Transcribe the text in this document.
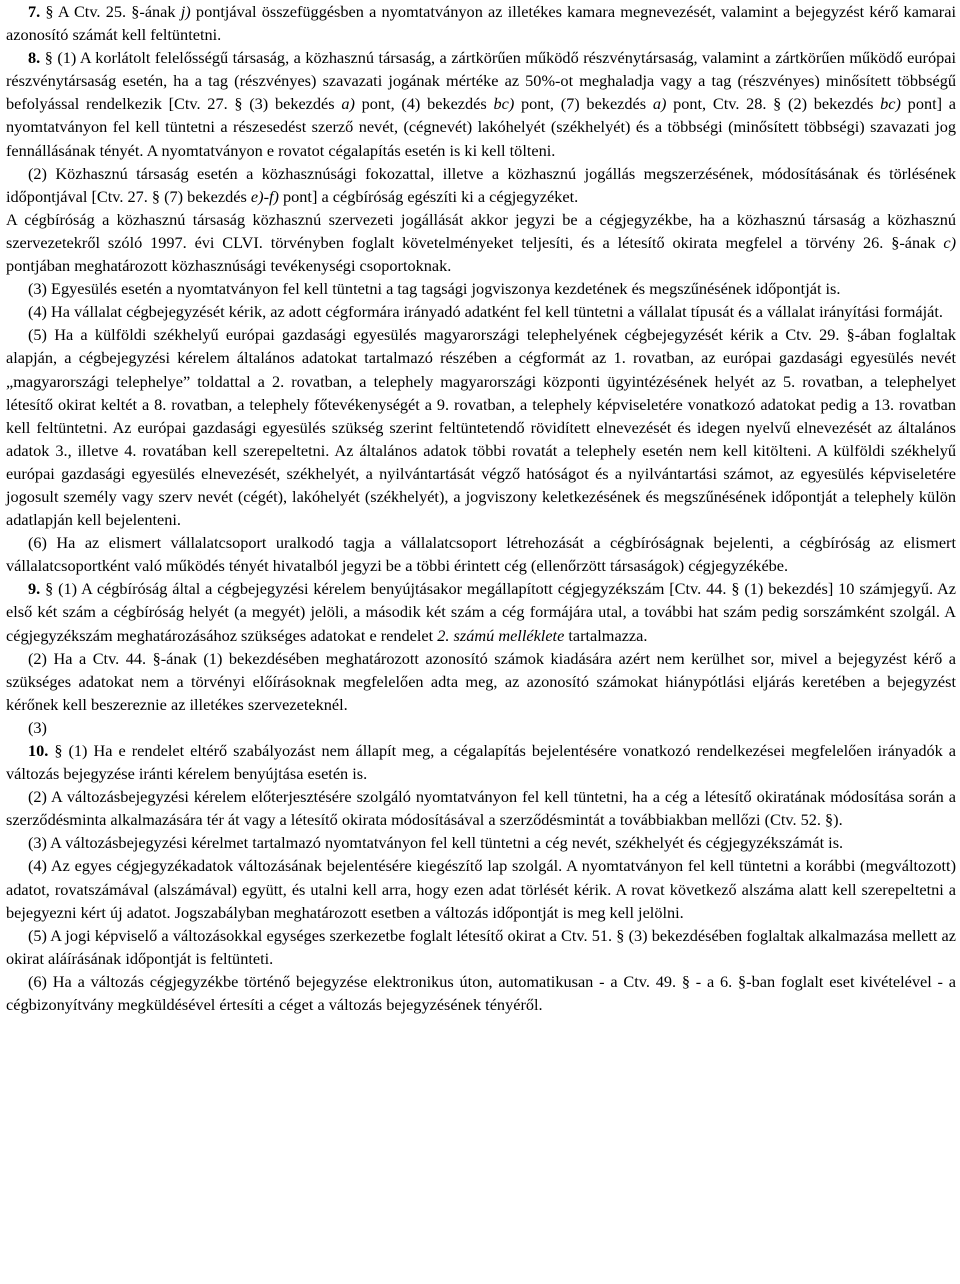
7. § A Ctv. 25. §-ának j) pontjával összefüggésben a nyomtatványon az illetékes kamara megnevezését, valamint a bejegyzést kérő kamarai azonosító számát kell feltüntetni.

8. § (1) A korlátolt felelősségű társaság, a közhasznú társaság, a zártkörűen működő részvénytársaság, valamint a zártkörűen működő európai részvénytársaság esetén, ha a tag (részvényes) szavazati jogának mértéke az 50%-ot meghaladja vagy a tag (részvényes) minősített többségű befolyással rendelkezik [Ctv. 27. § (3) bekezdés a) pont, (4) bekezdés bc) pont, (7) bekezdés a) pont, Ctv. 28. § (2) bekezdés bc) pont] a nyomtatványon fel kell tüntetni a részesedést szerző nevét, (cégnevét) lakóhelyét (székhelyét) és a többségi (minősített többségi) szavazati jog fennállásának tényét. A nyomtatványon e rovatot cégalapítás esetén is ki kell tölteni.

(2) Közhasznú társaság esetén a közhasznúsági fokozattal, illetve a közhasznú jogállás megszerzésének, módosításának és törlésének időpontjával [Ctv. 27. § (7) bekezdés e)-f) pont] a cégbíróság egészíti ki a cégjegyzéket.

A cégbíróság a közhasznú társaság közhasznú szervezeti jogállását akkor jegyzi be a cégjegyzékbe, ha a közhasznú társaság a közhasznú szervezetekről szóló 1997. évi CLVI. törvényben foglalt követelményeket teljesíti, és a létesítő okirata megfelel a törvény 26. §-ának c) pontjában meghatározott közhasznúsági tevékenységi csoportoknak.

(3) Egyesülés esetén a nyomtatványon fel kell tüntetni a tag tagsági jogviszonya kezdetének és megszűnésének időpontját is.

(4) Ha vállalat cégbejegyzését kérik, az adott cégformára irányadó adatként fel kell tüntetni a vállalat típusát és a vállalat irányítási formáját.

(5) Ha a külföldi székhelyű európai gazdasági egyesülés magyarországi telephelyének cégbejegyzését kérik a Ctv. 29. §-ában foglaltak alapján, a cégbejegyzési kérelem általános adatokat tartalmazó részében a cégformát az 1. rovatban, az európai gazdasági egyesülés nevét „magyarországi telephelye” toldattal a 2. rovatban, a telephely magyarországi központi ügyintézésének helyét az 5. rovatban, a telephelyet létesítő okirat keltét a 8. rovatban, a telephely főtevékenységét a 9. rovatban, a telephely képviseletére vonatkozó adatokat pedig a 13. rovatban kell feltüntetni. Az európai gazdasági egyesülés szükség szerint feltüntetendő rövidített elnevezését és idegen nyelvű elnevezését az általános adatok 3., illetve 4. rovatában kell szerepeltetni. Az általános adatok többi rovatát a telephely esetén nem kell kitölteni. A külföldi székhelyű európai gazdasági egyesülés elnevezését, székhelyét, a nyilvántartását végző hatóságot és a nyilvántartási számot, az egyesülés képviseletére jogosult személy vagy szerv nevét (cégét), lakóhelyét (székhelyét), a jogviszony keletkezésének és megszűnésének időpontját a telephely külön adatlapján kell bejelenteni.

(6) Ha az elismert vállalatcsoport uralkodó tagja a vállalatcsoport létrehozását a cégbíróságnak bejelenti, a cégbíróság az elismert vállalatcsoportként való működés tényét hivatalból jegyzi be a többi érintett cég (ellenőrzött társaságok) cégjegyzékébe.

9. § (1) A cégbíróság által a cégbejegyzési kérelem benyújtásakor megállapított cégjegyzékszám [Ctv. 44. § (1) bekezdés] 10 számjegyű. Az első két szám a cégbíróság helyét (a megyét) jelöli, a második két szám a cég formájára utal, a további hat szám pedig sorszámként szolgál. A cégjegyzékszám meghatározásához szükséges adatokat e rendelet 2. számú melléklete tartalmazza.

(2) Ha a Ctv. 44. §-ának (1) bekezdésében meghatározott azonosító számok kiadására azért nem kerülhet sor, mivel a bejegyzést kérő a szükséges adatokat nem a törvényi előírásoknak megfelelően adta meg, az azonosító számokat hiánypótlási eljárás keretében a bejegyzést kérőnek kell beszereznie az illetékes szervezeteknél.

(3)

10. § (1) Ha e rendelet eltérő szabályozást nem állapít meg, a cégalapítás bejelentésére vonatkozó rendelkezései megfelelően irányadók a változás bejegyzése iránti kérelem benyújtása esetén is.

(2) A változásbejegyzési kérelem előterjesztésére szolgáló nyomtatványon fel kell tüntetni, ha a cég a létesítő okiratának módosítása során a szerződésminta alkalmazására tér át vagy a létesítő okirata módosításával a szerződésmintát a továbbiakban mellőzi (Ctv. 52. §).

(3) A változásbejegyzési kérelmet tartalmazó nyomtatványon fel kell tüntetni a cég nevét, székhelyét és cégjegyzékszámát is.

(4) Az egyes cégjegyzékadatok változásának bejelentésére kiegészítő lap szolgál. A nyomtatványon fel kell tüntetni a korábbi (megváltozott) adatot, rovatszámával (alszámával) együtt, és utalni kell arra, hogy ezen adat törlését kérik. A rovat következő alszáma alatt kell szerepeltetni a bejegyezni kért új adatot. Jogszabályban meghatározott esetben a változás időpontját is meg kell jelölni.

(5) A jogi képviselő a változásokkal egységes szerkezetbe foglalt létesítő okirat a Ctv. 51. § (3) bekezdésében foglaltak alkalmazása mellett az okirat aláírásának időpontját is feltünteti.

(6) Ha a változás cégjegyzékbe történő bejegyzése elektronikus úton, automatikusan - a Ctv. 49. § - a 6. §-ban foglalt eset kivételével - a cégbizonyítvány megküldésével értesíti a céget a változás bejegyzésének tényéről.
